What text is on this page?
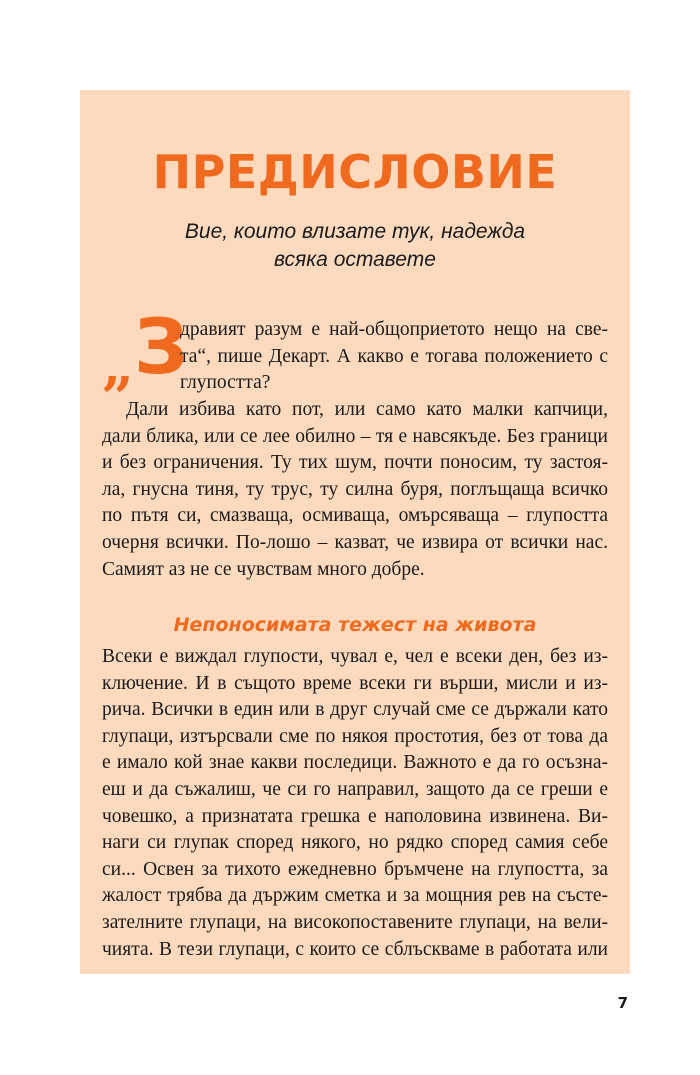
ПРЕДИСЛОВИЕ
Вие, които влизате тук, надежда
всяка оставете
„ З
дравият разум е най-общоприетото нещо на све-
та“, пише Декарт. А какво е тогава положението с
глупостта?
Дали избива като пот, или само като малки капчици,
дали блика, или се лее обилно – тя е навсякъде. Без граници
и без ограничения. Ту тих шум, почти поносим, ту застоя-
ла, гнусна тиня, ту трус, ту силна буря, поглъщаща всичко
по пътя си, смазваща, осмиваща, омърсяваща – глупостта
очерня всички. По-лошо – казват, че извира от всички нас.
Самият аз не се чувствам много добре.
Непоносимата тежест на живота
Всеки е виждал глупости, чувал е, чел е всеки ден, без из-
ключение. И в същото време всеки ги върши, мисли и из-
рича. Всички в един или в друг случай сме се държали като
глупаци, изтърсвали сме по някоя простотия, без от това да
е имало кой знае какви последици. Важното е да го осъзна-
еш и да съжалиш, че си го направил, защото да се греши е
човешко, а признатата грешка е наполовина извинена. Ви-
наги си глупак според някого, но рядко според самия себе
си... Освен за тихото ежедневно бръмчене на глупостта, за
жалост трябва да държим сметка и за мощния рев на състе-
зателните глупаци, на високопоставените глупаци, на вели-
чията. В тези глупаци, с които се сблъскваме в работата или
7
